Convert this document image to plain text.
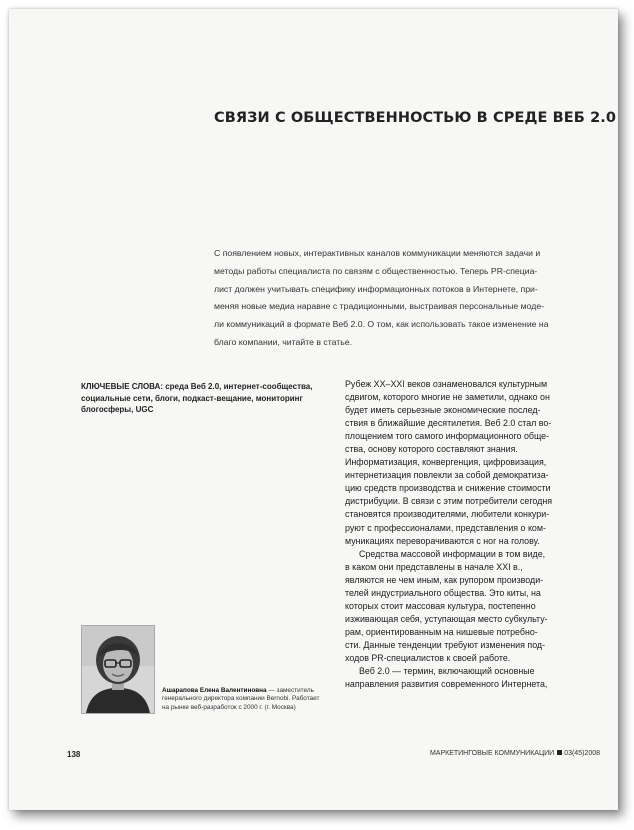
СВЯЗИ С ОБЩЕСТВЕННОСТЬЮ В СРЕДЕ ВЕБ 2.0
С появлением новых, интерактивных каналов коммуникации меняются задачи и
методы работы специалиста по связям с общественностью. Теперь PR-специа-
лист должен учитывать специфику информационных потоков в Интернете, при-
меняя новые медиа наравне с традиционными, выстраивая персональные моде-
ли коммуникаций в формате Веб 2.0. О том, как использовать такое изменение на
благо компании, читайте в статье.
КЛЮЧЕВЫЕ СЛОВА: среда Веб 2.0, интернет-сообщества,
социальные сети, блоги, подкаст-вещание, мониторинг
блогосферы, UGC
Рубеж XX–XXI веков ознаменовался культурным
сдвигом, которого многие не заметили, однако он
будет иметь серьезные экономические послед-
ствия в ближайшие десятилетия. Веб 2.0 стал во-
площением того самого информационного обще-
ства, основу которого составляют знания.
Информатизация, конвергенция, цифровизация,
интернетизация повлекли за собой демократиза-
цию средств производства и снижение стоимости
дистрибуции. В связи с этим потребители сегодня
становятся производителями, любители конкури-
руют с профессионалами, представления о ком-
муникациях переворачиваются с ног на голову.
Средства массовой информации в том виде,
в каком они представлены в начале XXI в.,
являются не чем иным, как рупором производи-
телей индустриального общества. Это киты, на
которых стоит массовая культура, постепенно
изживающая себя, уступающая место субкульту-
рам, ориентированным на нишевые потребно-
сти. Данные тенденции требуют изменения под-
ходов PR-специалистов к своей работе.
Веб 2.0 — термин, включающий основные
направления развития современного Интернета,
Ашарапова Елена Валентиновна — заместитель
генерального директора компании Bernobi. Работает
на рынке веб-разработок с 2000 г. (г. Москва)
138	МАРКЕТИНГОВЫЕ КОММУНИКАЦИИ 03(45)2008
